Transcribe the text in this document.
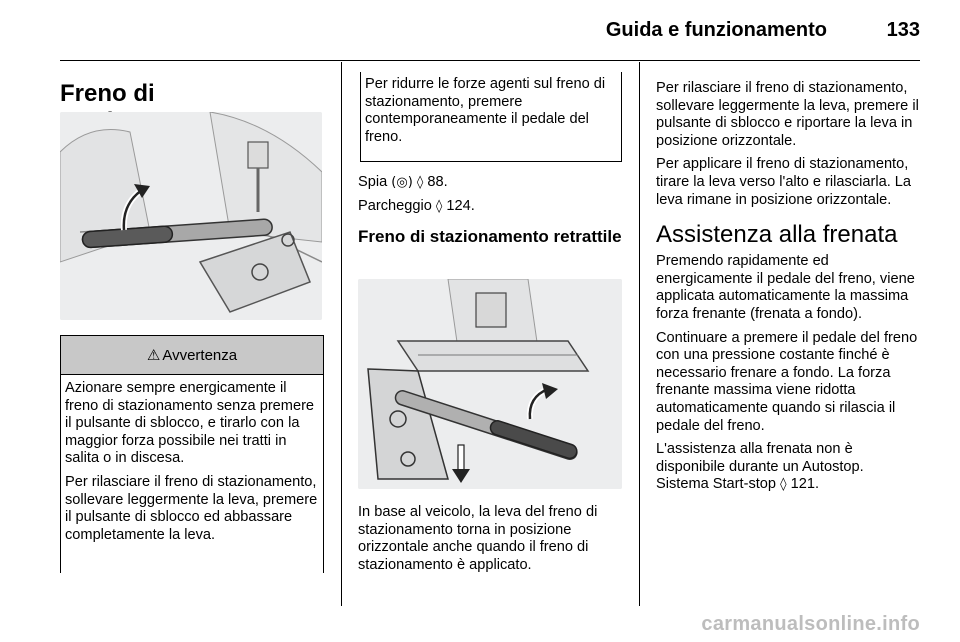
Guida e funzionamento	133
Freno di
⚠ Avvertenza

Azionare sempre energicamente il freno di stazionamento senza premere il pulsante di sblocco, e tirarlo con la maggior forza possibile nei tratti in salita o in discesa.

Per rilasciare il freno di stazionamento, sollevare leggermente la leva, premere il pulsante di sblocco ed abbassare completamente la leva.

Per ridurre le forze agenti sul freno di stazionamento, premere contemporaneamente il pedale del freno.

Spia (◎) ◊ 88.

Parcheggio ◊ 124.

Freno di stazionamento retrattile

In base al veicolo, la leva del freno di stazionamento torna in posizione orizzontale anche quando il freno di stazionamento è applicato.

Per rilasciare il freno di stazionamento, sollevare leggermente la leva, premere il pulsante di sblocco e riportare la leva in posizione orizzontale.

Per applicare il freno di stazionamento, tirare la leva verso l'alto e rilasciarla. La leva rimane in posizione orizzontale.

Assistenza alla frenata

Premendo rapidamente ed energicamente il pedale del freno, viene applicata automaticamente la massima forza frenante (frenata a fondo).

Continuare a premere il pedale del freno con una pressione costante finché è necessario frenare a fondo. La forza frenante massima viene ridotta automaticamente quando si rilascia il pedale del freno.

L'assistenza alla frenata non è disponibile durante un Autostop. Sistema Start-stop ◊ 121.

carmanualsonline.info
